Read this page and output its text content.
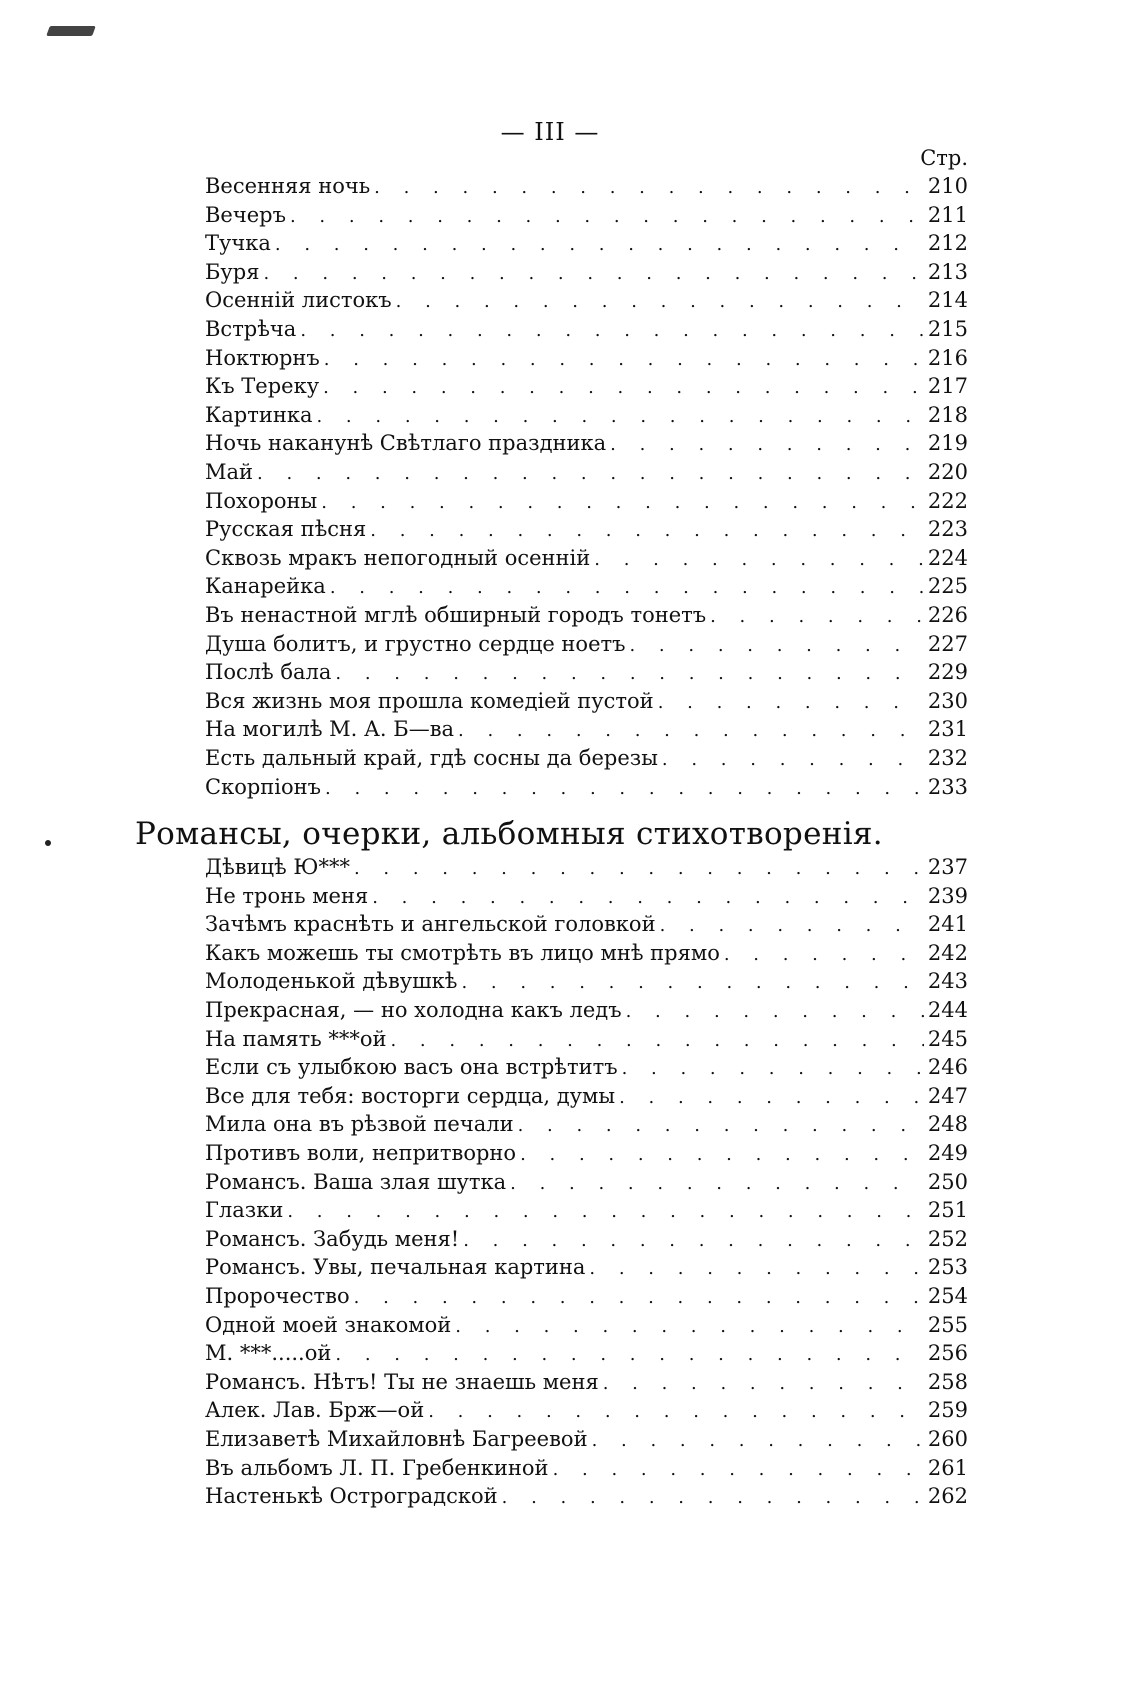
— III —
Стр.
Весенняя ночь . . .	210
Вечеръ . . .	211
Тучка . . .	212
Буря . . .	213
Осеннiй листокъ . . .	214
Встрѣча . . .	215
Ноктюрнъ . . .	216
Къ Тереку . . .	217
Картинка . . .	218
Ночь наканунѣ Свѣтлаго праздника . . .	219
Май . . .	220
Похороны . . .	222
Русская пѣсня . . .	223
Сквозь мракъ непогодный осеннiй . . .	224
Канарейка . . .	225
Въ ненастной мглѣ обширный городъ тонетъ . . .	226
Душа болитъ, и грустно сердце ноетъ . . .	227
Послѣ бала . . .	229
Вся жизнь моя прошла комедiей пустой . . .	230
На могилѣ М. А. Б—ва . . .	231
Есть дальный край, гдѣ сосны да березы . . .	232
Скорпiонъ . . .	233
Дѣвицѣ Ю*** . . .	237
Не тронь меня . . .	239
Зачѣмъ краснѣть и ангельской головкой . . .	241
Какъ можешь ты смотрѣть въ лицо мнѣ прямо . . .	242
Молоденькой дѣвушкѣ . . .	243
Прекрасная, — но холодна какъ ледъ . . .	244
На память ***ой . . .	245
Если съ улыбкою васъ она встрѣтитъ . . .	246
Все для тебя: восторги сердца, думы . . .	247
Мила она въ рѣзвой печали . . .	248
Противъ воли, непритворно . . .	249
Романсъ. Ваша злая шутка . . .	250
Глазки . . .	251
Романсъ. Забудь меня! . . .	252
Романсъ. Увы, печальная картина . . .	253
Пророчество . . .	254
Одной моей знакомой . . .	255
М. ***.....ой . . .	256
Романсъ. Нѣтъ! Ты не знаешь меня . . .	258
Алек. Лав. Брж—ой . . .	259
Елизаветѣ Михайловнѣ Багреевой . . .	260
Въ альбомъ Л. П. Гребенкиной . . .	261
Настенькѣ Остроградской . . .	262
Романсы, очерки, альбомныя стихотворенiя.
